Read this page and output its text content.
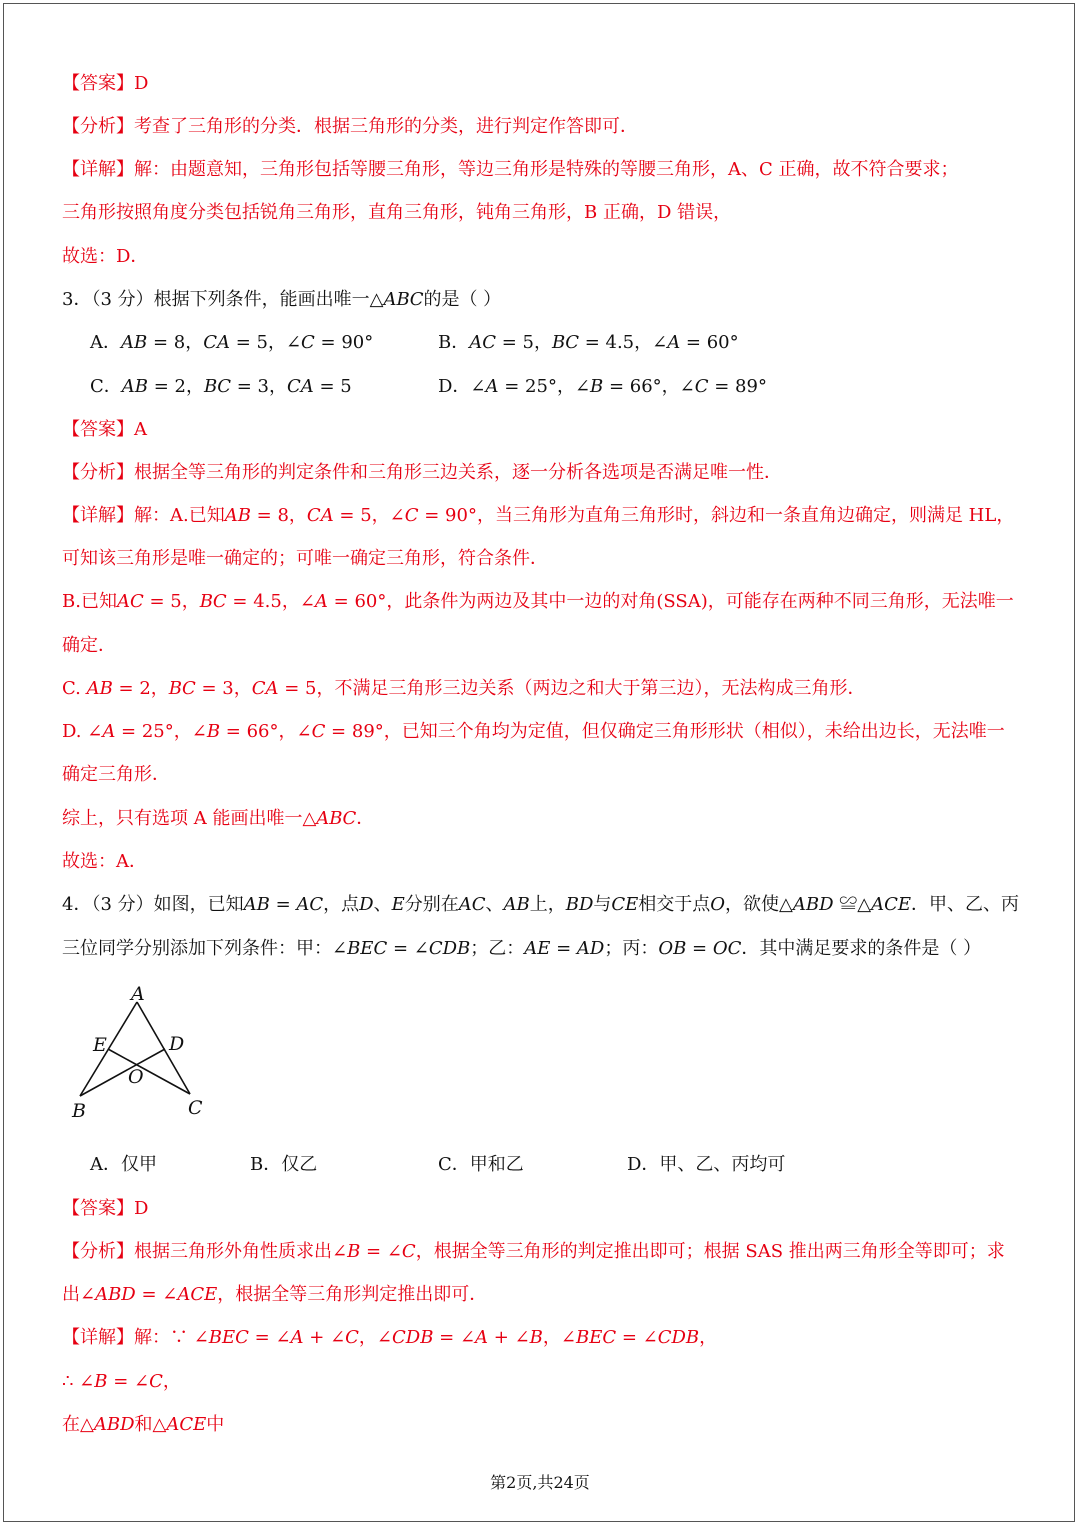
【答案】D
【分析】考查了三角形的分类．根据三角形的分类，进行判定作答即可．
【详解】解：由题意知，三角形包括等腰三角形，等边三角形是特殊的等腰三角形，A、C 正确，故不符合要求；
三角形按照角度分类包括锐角三角形，直角三角形，钝角三角形，B 正确，D 错误，
故选：D．
3．（3 分）根据下列条件，能画出唯一△𝐴𝐵𝐶的是（ ）
A．𝐴𝐵 = 8，𝐶𝐴 = 5，∠𝐶 = 90°	B．𝐴𝐶 = 5，𝐵𝐶 = 4.5，∠𝐴 = 60°
C．𝐴𝐵 = 2，𝐵𝐶 = 3，𝐶𝐴 = 5	D．∠𝐴 = 25°，∠𝐵 = 66°，∠𝐶 = 89°
【答案】A
【分析】根据全等三角形的判定条件和三角形三边关系，逐一分析各选项是否满足唯一性．
【详解】解：A.已知𝐴𝐵 = 8，𝐶𝐴 = 5，∠𝐶 = 90°，当三角形为直角三角形时，斜边和一条直角边确定，则满足 HL，
可知该三角形是唯一确定的；可唯一确定三角形，符合条件．
B.已知𝐴𝐶 = 5，𝐵𝐶 = 4.5，∠𝐴 = 60°，此条件为两边及其中一边的对角(SSA)，可能存在两种不同三角形，无法唯一
确定．
C. 𝐴𝐵 = 2，𝐵𝐶 = 3，𝐶𝐴 = 5，不满足三角形三边关系（两边之和大于第三边），无法构成三角形．
D. ∠𝐴 = 25°，∠𝐵 = 66°，∠𝐶 = 89°，已知三个角均为定值，但仅确定三角形形状（相似），未给出边长，无法唯一
确定三角形．
综上，只有选项 A 能画出唯一△𝐴𝐵𝐶．
故选：A．
4．（3 分）如图，已知𝐴𝐵 = 𝐴𝐶，点𝐷、𝐸分别在𝐴𝐶、𝐴𝐵上，𝐵𝐷与𝐶𝐸相交于点𝑂，欲使△𝐴𝐵𝐷 ≌△𝐴𝐶𝐸．甲、乙、丙
三位同学分别添加下列条件：甲：∠𝐵𝐸𝐶 = ∠𝐶𝐷𝐵；乙：𝐴𝐸 = 𝐴𝐷；丙：𝑂𝐵 = 𝑂𝐶．其中满足要求的条件是（ ）
A
B	C
D
E
O
A．仅甲	B．仅乙	C．甲和乙	D．甲、乙、丙均可
【答案】D
【分析】根据三角形外角性质求出∠𝐵 = ∠𝐶，根据全等三角形的判定推出即可；根据 SAS 推出两三角形全等即可；求
出∠𝐴𝐵𝐷 = ∠𝐴𝐶𝐸，根据全等三角形判定推出即可．
【详解】解：∵ ∠𝐵𝐸𝐶 = ∠𝐴 + ∠𝐶，∠𝐶𝐷𝐵 = ∠𝐴 + ∠𝐵，∠𝐵𝐸𝐶 = ∠𝐶𝐷𝐵，
∴ ∠𝐵 = ∠𝐶，
在△𝐴𝐵𝐷和△𝐴𝐶𝐸中
第2页,共24页
